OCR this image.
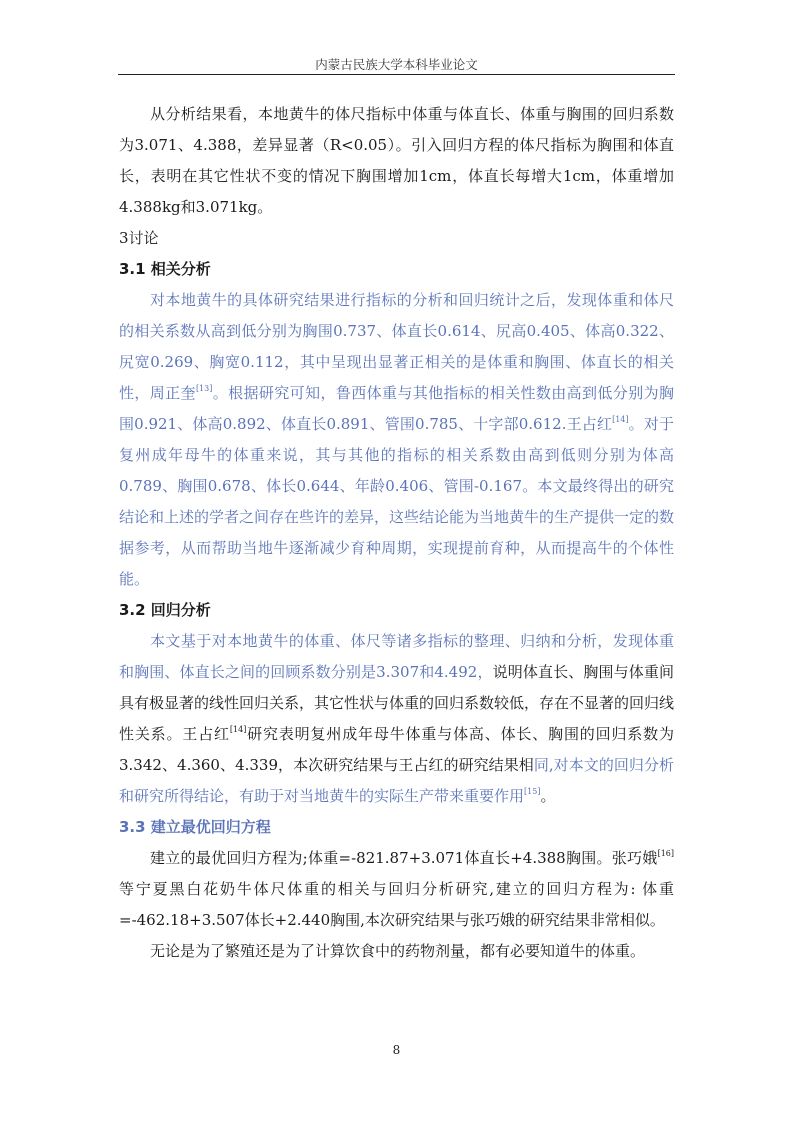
内蒙古民族大学本科毕业论文

从分析结果看，本地黄牛的体尺指标中体重与体直长、体重与胸围的回归系数为3.071、4.388，差异显著（R<0.05）。引入回归方程的体尺指标为胸围和体直长，表明在其它性状不变的情况下胸围增加1cm，体直长每增大1cm，体重增加4.388kg和3.071kg。

3讨论
3.1 相关分析

对本地黄牛的具体研究结果进行指标的分析和回归统计之后，发现体重和体尺的相关系数从高到低分别为胸围0.737、体直长0.614、尻高0.405、体高0.322、尻宽0.269、胸宽0.112，其中呈现出显著正相关的是体重和胸围、体直长的相关性，周正奎[13]。根据研究可知，鲁西体重与其他指标的相关性数由高到低分别为胸围0.921、体高0.892、体直长0.891、管围0.785、十字部0.612.王占红[14]。对于复州成年母牛的体重来说，其与其他的指标的相关系数由高到低则分别为体高0.789、胸围0.678、体长0.644、年龄0.406、管围-0.167。本文最终得出的研究结论和上述的学者之间存在些许的差异，这些结论能为当地黄牛的生产提供一定的数据参考，从而帮助当地牛逐渐减少育种周期，实现提前育种，从而提高牛的个体性能。

3.2 回归分析

本文基于对本地黄牛的体重、体尺等诸多指标的整理、归纳和分析，发现体重和胸围、体直长之间的回顾系数分别是3.307和4.492，说明体直长、胸围与体重间具有极显著的线性回归关系，其它性状与体重的回归系数较低，存在不显著的回归线性关系。王占红[14]研究表明复州成年母牛体重与体高、体长、胸围的回归系数为3.342、4.360、4.339，本次研究结果与王占红的研究结果相同,对本文的回归分析和研究所得结论，有助于对当地黄牛的实际生产带来重要作用[15]。

3.3 建立最优回归方程

建立的最优回归方程为;体重=-821.87+3.071体直长+4.388胸围。张巧娥[16]等宁夏黑白花奶牛体尺体重的相关与回归分析研究,建立的回归方程为: 体重=-462.18+3.507体长+2.440胸围,本次研究结果与张巧娥的研究结果非常相似。

无论是为了繁殖还是为了计算饮食中的药物剂量，都有必要知道牛的体重。

8
